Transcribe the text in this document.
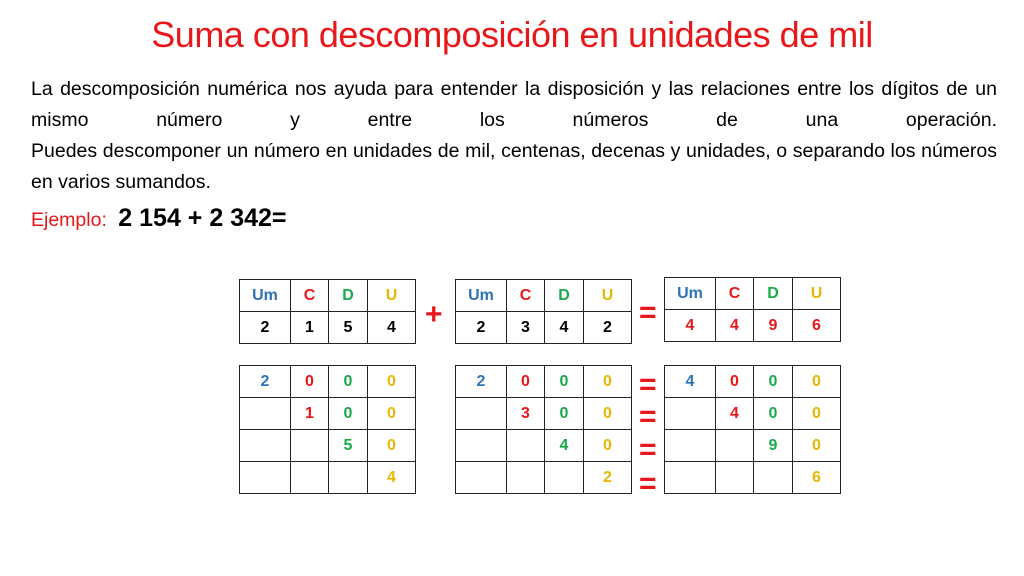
Suma con descomposición en unidades de mil

La descomposición numérica nos ayuda para entender la disposición y las relaciones entre los dígitos de un mismo número y entre los números de una operación.

Puedes descomponer un número en unidades de mil, centenas, decenas y unidades, o separando los números en varios sumandos.

Ejemplo: 2 154 + 2 342=
Um	C	D	U
2	1	5	4 +
Um	C	D	U
2	3	4	2 =
Um	C	D	U
4	4	9	6
2	0	0	0
	1	0	0
		5	0
			4
2	0	0	0
	3	0	0
		4	0
			2
=
=
=
=
4	0	0	0
	4	0	0
		9	0
			6
